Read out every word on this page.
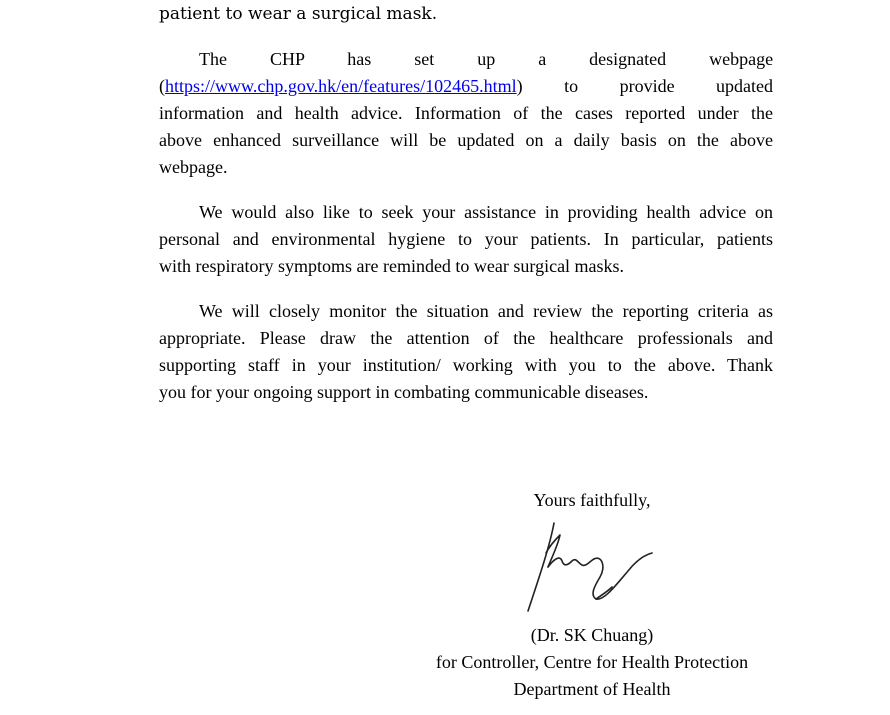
patient to wear a surgical mask.
The CHP has set up a designated webpage
(https://www.chp.gov.hk/en/features/102465.html) to provide updated
information and health advice. Information of the cases reported under the
above enhanced surveillance will be updated on a daily basis on the above
webpage.
We would also like to seek your assistance in providing health advice on
personal and environmental hygiene to your patients. In particular, patients
with respiratory symptoms are reminded to wear surgical masks.
We will closely monitor the situation and review the reporting criteria as
appropriate. Please draw the attention of the healthcare professionals and
supporting staff in your institution/ working with you to the above. Thank
you for your ongoing support in combating communicable diseases.
Yours faithfully,
(Dr. SK Chuang)
for Controller, Centre for Health Protection
Department of Health
